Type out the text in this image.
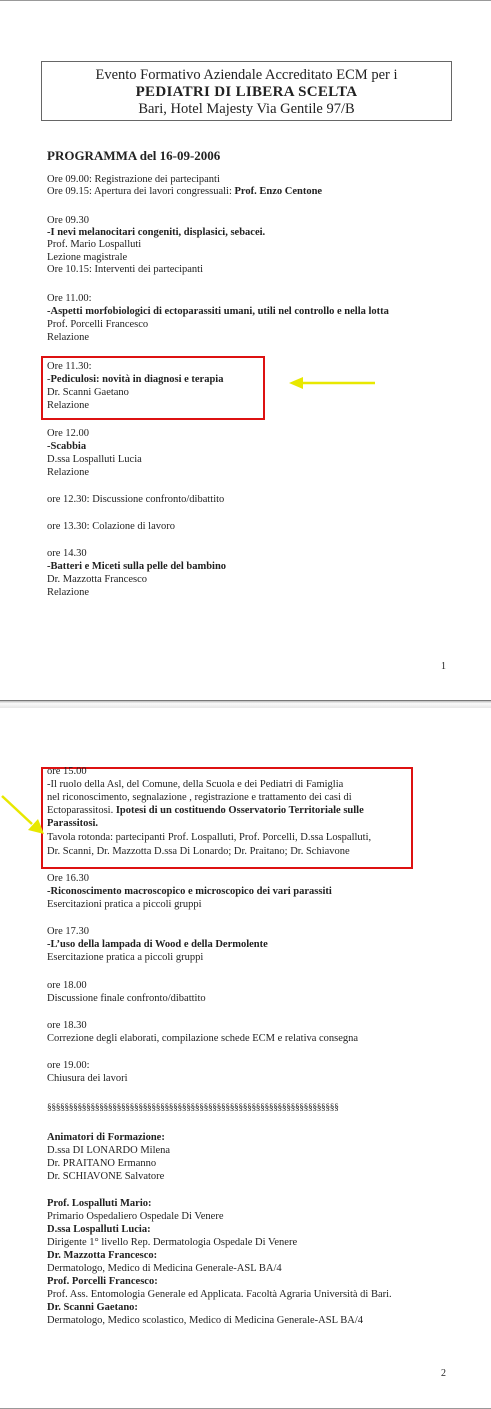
Evento Formativo Aziendale Accreditato ECM per i
PEDIATRI DI LIBERA SCELTA
Bari, Hotel Majesty Via Gentile 97/B
PROGRAMMA del 16-09-2006
Ore 09.00: Registrazione dei partecipanti
Ore 09.15: Apertura dei lavori congressuali: Prof. Enzo Centone
Ore 09.30
-I nevi melanocitari congeniti, displasici, sebacei.
Prof. Mario Lospalluti
Lezione magistrale
Ore 10.15: Interventi dei partecipanti
Ore 11.00:
-Aspetti morfobiologici di ectoparassiti umani, utili nel controllo e nella lotta
Prof. Porcelli Francesco
Relazione
Ore 11.30:
-Pediculosi: novità in diagnosi e terapia
Dr. Scanni Gaetano
Relazione
Ore 12.00
-Scabbia
D.ssa Lospalluti Lucia
Relazione
ore 12.30: Discussione confronto/dibattito
ore 13.30: Colazione di lavoro
ore 14.30
-Batteri e Miceti sulla pelle del bambino
Dr. Mazzotta Francesco
Relazione
1
ore 15.00
-Il ruolo della Asl, del Comune, della Scuola e dei Pediatri di Famiglia
nel riconoscimento, segnalazione , registrazione e trattamento dei casi di
Ectoparassitosi. Ipotesi di un costituendo Osservatorio Territoriale sulle
Parassitosi.
Tavola rotonda: partecipanti Prof. Lospalluti, Prof. Porcelli, D.ssa Lospalluti,
Dr. Scanni, Dr. Mazzotta D.ssa Di Lonardo; Dr. Praitano; Dr. Schiavone
Ore 16.30
-Riconoscimento macroscopico e microscopico dei vari parassiti
Esercitazioni pratica a piccoli gruppi
Ore 17.30
-L’uso della lampada di Wood e della Dermolente
Esercitazione pratica a piccoli gruppi
ore 18.00
Discussione finale confronto/dibattito
ore 18.30
Correzione degli elaborati, compilazione schede ECM e relativa consegna
ore 19.00:
Chiusura dei lavori
§§§§§§§§§§§§§§§§§§§§§§§§§§§§§§§§§§§§§§§§§§§§§§§§§§§§§§§§§§§§§§§§§§§
Animatori di Formazione:
D.ssa DI LONARDO Milena
Dr. PRAITANO Ermanno
Dr. SCHIAVONE Salvatore
Prof. Lospalluti Mario:
Primario Ospedaliero Ospedale Di Venere
D.ssa Lospalluti Lucia:
Dirigente 1° livello Rep. Dermatologia Ospedale Di Venere
Dr. Mazzotta Francesco:
Dermatologo, Medico di Medicina Generale-ASL BA/4
Prof. Porcelli Francesco:
Prof. Ass. Entomologia Generale ed Applicata. Facoltà Agraria Università di Bari.
Dr. Scanni Gaetano:
Dermatologo, Medico scolastico, Medico di Medicina Generale-ASL BA/4
2
